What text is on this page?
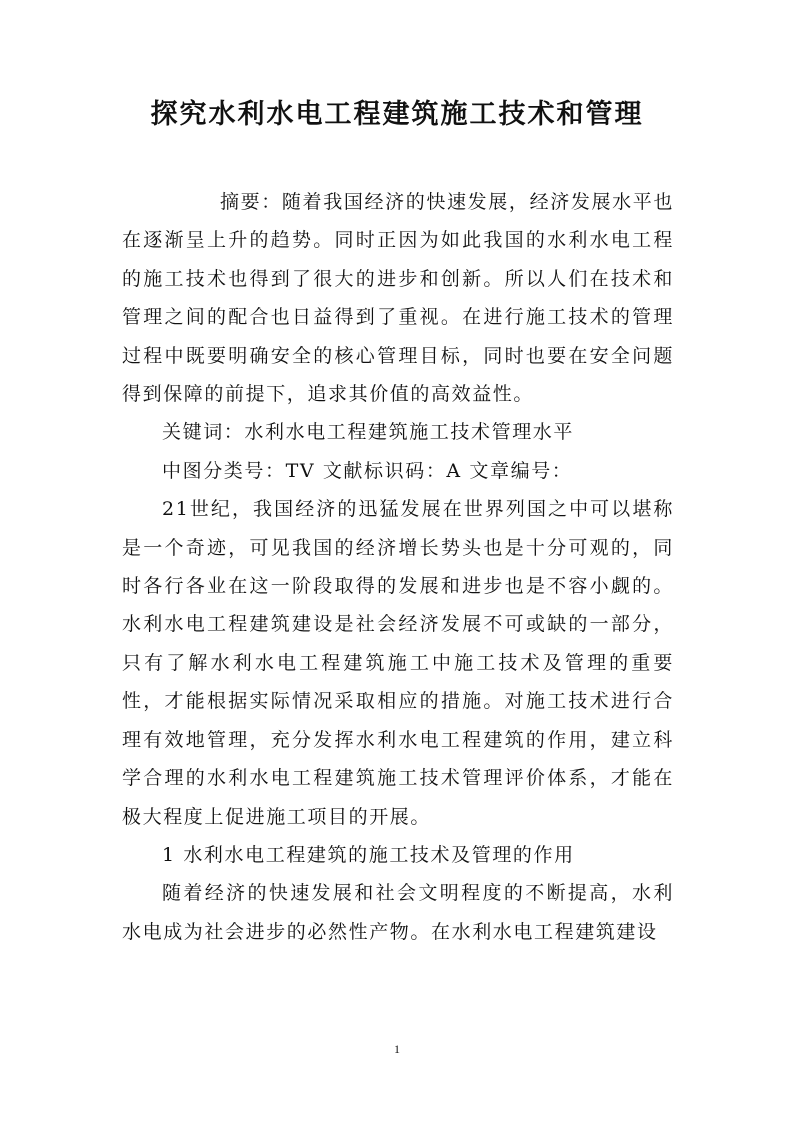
探究水利水电工程建筑施工技术和管理

摘要：随着我国经济的快速发展，经济发展水平也在逐渐呈上升的趋势。同时正因为如此我国的水利水电工程的施工技术也得到了很大的进步和创新。所以人们在技术和管理之间的配合也日益得到了重视。在进行施工技术的管理过程中既要明确安全的核心管理目标，同时也要在安全问题得到保障的前提下，追求其价值的高效益性。

关键词：水利水电工程建筑施工技术管理水平

中图分类号：TV 文献标识码：A 文章编号：

21世纪，我国经济的迅猛发展在世界列国之中可以堪称是一个奇迹，可见我国的经济增长势头也是十分可观的，同时各行各业在这一阶段取得的发展和进步也是不容小觑的。水利水电工程建筑建设是社会经济发展不可或缺的一部分，只有了解水利水电工程建筑施工中施工技术及管理的重要性，才能根据实际情况采取相应的措施。对施工技术进行合理有效地管理，充分发挥水利水电工程建筑的作用，建立科学合理的水利水电工程建筑施工技术管理评价体系，才能在极大程度上促进施工项目的开展。

1 水利水电工程建筑的施工技术及管理的作用

随着经济的快速发展和社会文明程度的不断提高，水利水电成为社会进步的必然性产物。在水利水电工程建筑建设

1
